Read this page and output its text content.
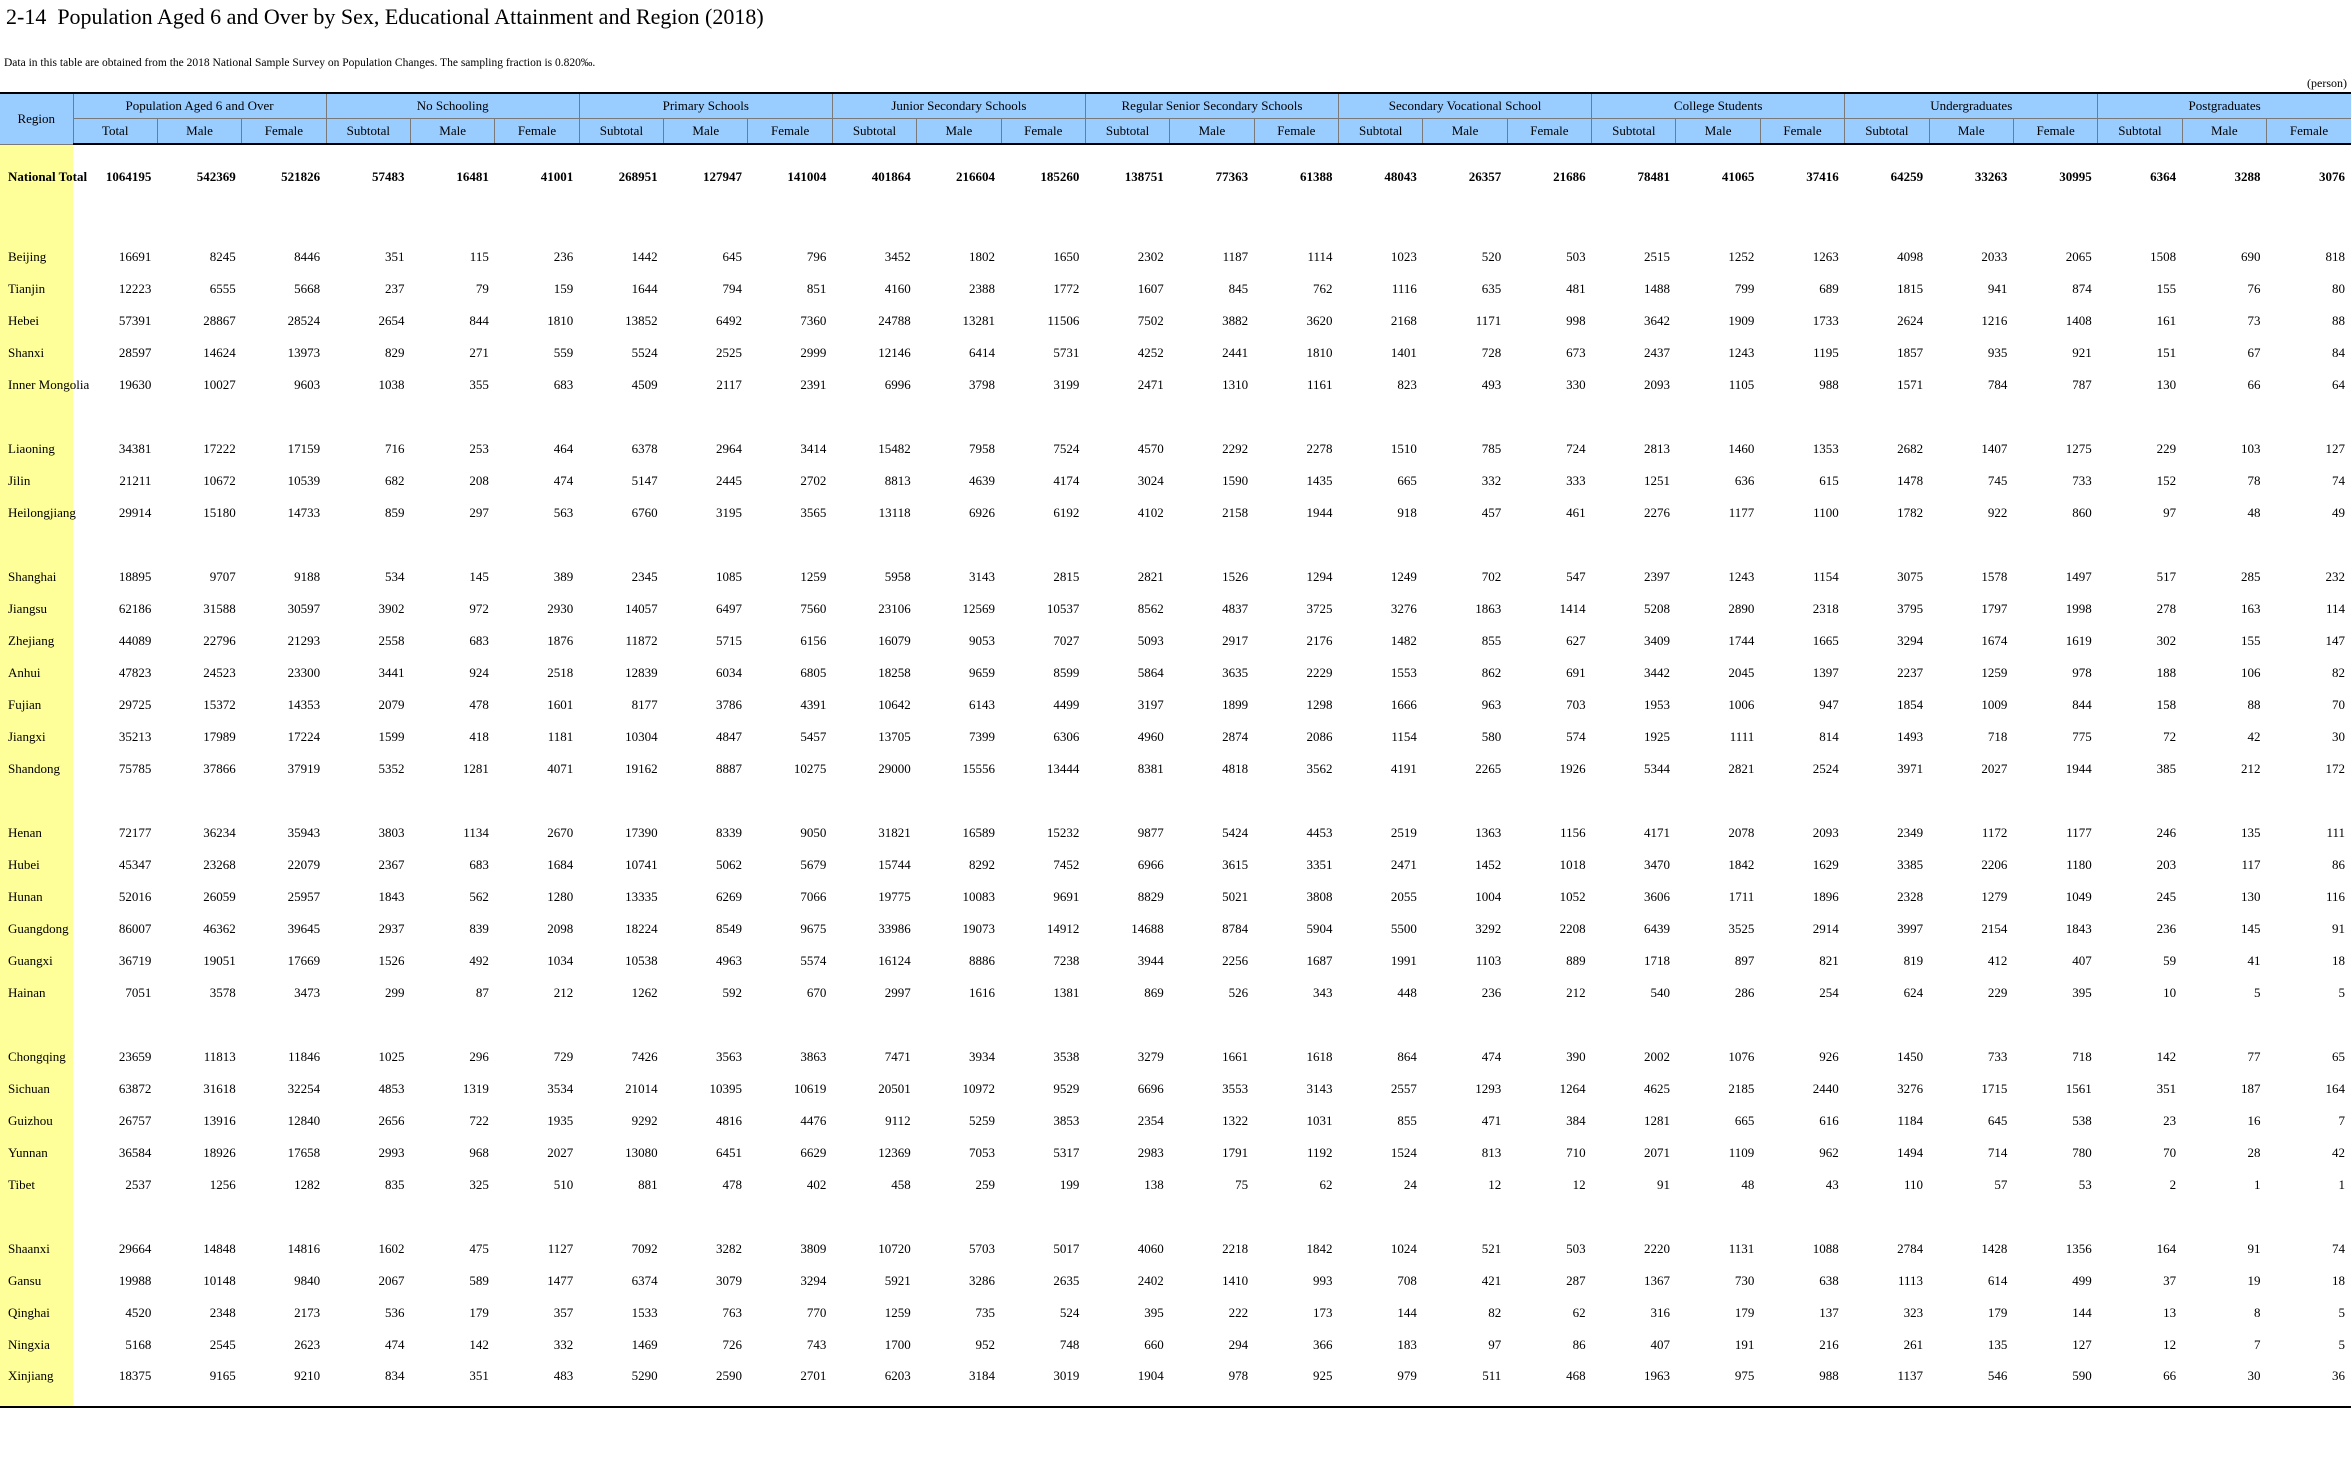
2-14  Population Aged 6 and Over by Sex, Educational Attainment and Region (2018)
Data in this table are obtained from the 2018 National Sample Survey on Population Changes. The sampling fraction is 0.820‰.
(person)
Region	Population Aged 6 and Over			No Schooling			Primary Schools			Junior Secondary Schools			Regular Senior Secondary Schools			Secondary Vocational School			College Students			Undergraduates			Postgraduates		
	Total	Male	Female	Subtotal	Male	Female	Subtotal	Male	Female	Subtotal	Male	Female	Subtotal	Male	Female	Subtotal	Male	Female	Subtotal	Male	Female	Subtotal	Male	Female	Subtotal	Male	Female
National Total	1064195	542369	521826	57483	16481	41001	268951	127947	141004	401864	216604	185260	138751	77363	61388	48043	26357	21686	78481	41065	37416	64259	33263	30995	6364	3288	3076

Beijing	16691	8245	8446	351	115	236	1442	645	796	3452	1802	1650	2302	1187	1114	1023	520	503	2515	1252	1263	4098	2033	2065	1508	690	818
Tianjin	12223	6555	5668	237	79	159	1644	794	851	4160	2388	1772	1607	845	762	1116	635	481	1488	799	689	1815	941	874	155	76	80
Hebei	57391	28867	28524	2654	844	1810	13852	6492	7360	24788	13281	11506	7502	3882	3620	2168	1171	998	3642	1909	1733	2624	1216	1408	161	73	88
Shanxi	28597	14624	13973	829	271	559	5524	2525	2999	12146	6414	5731	4252	2441	1810	1401	728	673	2437	1243	1195	1857	935	921	151	67	84
Inner Mongolia	19630	10027	9603	1038	355	683	4509	2117	2391	6996	3798	3199	2471	1310	1161	823	493	330	2093	1105	988	1571	784	787	130	66	64

Liaoning	34381	17222	17159	716	253	464	6378	2964	3414	15482	7958	7524	4570	2292	2278	1510	785	724	2813	1460	1353	2682	1407	1275	229	103	127
Jilin	21211	10672	10539	682	208	474	5147	2445	2702	8813	4639	4174	3024	1590	1435	665	332	333	1251	636	615	1478	745	733	152	78	74
Heilongjiang	29914	15180	14733	859	297	563	6760	3195	3565	13118	6926	6192	4102	2158	1944	918	457	461	2276	1177	1100	1782	922	860	97	48	49

Shanghai	18895	9707	9188	534	145	389	2345	1085	1259	5958	3143	2815	2821	1526	1294	1249	702	547	2397	1243	1154	3075	1578	1497	517	285	232
Jiangsu	62186	31588	30597	3902	972	2930	14057	6497	7560	23106	12569	10537	8562	4837	3725	3276	1863	1414	5208	2890	2318	3795	1797	1998	278	163	114
Zhejiang	44089	22796	21293	2558	683	1876	11872	5715	6156	16079	9053	7027	5093	2917	2176	1482	855	627	3409	1744	1665	3294	1674	1619	302	155	147
Anhui	47823	24523	23300	3441	924	2518	12839	6034	6805	18258	9659	8599	5864	3635	2229	1553	862	691	3442	2045	1397	2237	1259	978	188	106	82
Fujian	29725	15372	14353	2079	478	1601	8177	3786	4391	10642	6143	4499	3197	1899	1298	1666	963	703	1953	1006	947	1854	1009	844	158	88	70
Jiangxi	35213	17989	17224	1599	418	1181	10304	4847	5457	13705	7399	6306	4960	2874	2086	1154	580	574	1925	1111	814	1493	718	775	72	42	30
Shandong	75785	37866	37919	5352	1281	4071	19162	8887	10275	29000	15556	13444	8381	4818	3562	4191	2265	1926	5344	2821	2524	3971	2027	1944	385	212	172

Henan	72177	36234	35943	3803	1134	2670	17390	8339	9050	31821	16589	15232	9877	5424	4453	2519	1363	1156	4171	2078	2093	2349	1172	1177	246	135	111
Hubei	45347	23268	22079	2367	683	1684	10741	5062	5679	15744	8292	7452	6966	3615	3351	2471	1452	1018	3470	1842	1629	3385	2206	1180	203	117	86
Hunan	52016	26059	25957	1843	562	1280	13335	6269	7066	19775	10083	9691	8829	5021	3808	2055	1004	1052	3606	1711	1896	2328	1279	1049	245	130	116
Guangdong	86007	46362	39645	2937	839	2098	18224	8549	9675	33986	19073	14912	14688	8784	5904	5500	3292	2208	6439	3525	2914	3997	2154	1843	236	145	91
Guangxi	36719	19051	17669	1526	492	1034	10538	4963	5574	16124	8886	7238	3944	2256	1687	1991	1103	889	1718	897	821	819	412	407	59	41	18
Hainan	7051	3578	3473	299	87	212	1262	592	670	2997	1616	1381	869	526	343	448	236	212	540	286	254	624	229	395	10	5	5

Chongqing	23659	11813	11846	1025	296	729	7426	3563	3863	7471	3934	3538	3279	1661	1618	864	474	390	2002	1076	926	1450	733	718	142	77	65
Sichuan	63872	31618	32254	4853	1319	3534	21014	10395	10619	20501	10972	9529	6696	3553	3143	2557	1293	1264	4625	2185	2440	3276	1715	1561	351	187	164
Guizhou	26757	13916	12840	2656	722	1935	9292	4816	4476	9112	5259	3853	2354	1322	1031	855	471	384	1281	665	616	1184	645	538	23	16	7
Yunnan	36584	18926	17658	2993	968	2027	13080	6451	6629	12369	7053	5317	2983	1791	1192	1524	813	710	2071	1109	962	1494	714	780	70	28	42
Tibet	2537	1256	1282	835	325	510	881	478	402	458	259	199	138	75	62	24	12	12	91	48	43	110	57	53	2	1	1

Shaanxi	29664	14848	14816	1602	475	1127	7092	3282	3809	10720	5703	5017	4060	2218	1842	1024	521	503	2220	1131	1088	2784	1428	1356	164	91	74
Gansu	19988	10148	9840	2067	589	1477	6374	3079	3294	5921	3286	2635	2402	1410	993	708	421	287	1367	730	638	1113	614	499	37	19	18
Qinghai	4520	2348	2173	536	179	357	1533	763	770	1259	735	524	395	222	173	144	82	62	316	179	137	323	179	144	13	8	5
Ningxia	5168	2545	2623	474	142	332	1469	726	743	1700	952	748	660	294	366	183	97	86	407	191	216	261	135	127	12	7	5
Xinjiang	18375	9165	9210	834	351	483	5290	2590	2701	6203	3184	3019	1904	978	925	979	511	468	1963	975	988	1137	546	590	66	30	36
